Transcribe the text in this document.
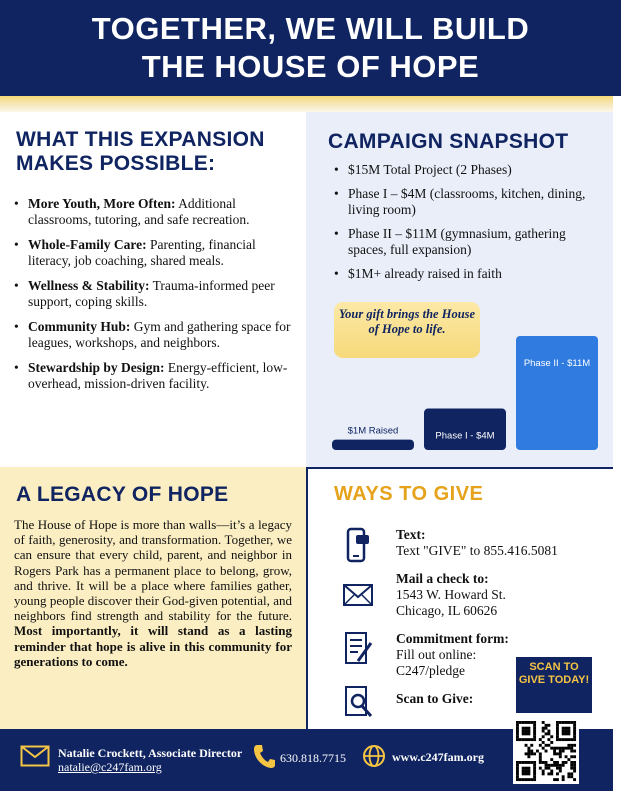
TOGETHER, WE WILL BUILD
THE HOUSE OF HOPE
WHAT THIS EXPANSION MAKES POSSIBLE:
• More Youth, More Often: Additional classrooms, tutoring, and safe recreation.
• Whole-Family Care: Parenting, financial literacy, job coaching, shared meals.
• Wellness & Stability: Trauma-informed peer support, coping skills.
• Community Hub: Gym and gathering space for leagues, workshops, and neighbors.
• Stewardship by Design: Energy-efficient, low-overhead, mission-driven facility.
CAMPAIGN SNAPSHOT
• $15M Total Project (2 Phases)
• Phase I – $4M (classrooms, kitchen, dining, living room)
• Phase II – $11M (gymnasium, gathering spaces, full expansion)
• $1M+ already raised in faith
$1M Raised	Phase I - $4M
Phase II - $11M
Your gift brings the House of Hope to life.
A LEGACY OF HOPE
The House of Hope is more than walls—it’s a legacy of faith, generosity, and transformation. Together, we can ensure that every child, parent, and neighbor in Rogers Park has a permanent place to belong, grow, and thrive. It will be a place where families gather, young people discover their God-given potential, and neighbors find strength and stability for the future. Most importantly, it will stand as a lasting reminder that hope is alive in this community for generations to come.
WAYS TO GIVE
Text:
Text "GIVE" to 855.416.5081
Mail a check to:
1543 W. Howard St.
Chicago, IL 60626
Commitment form:
Fill out online:
C247/pledge
Scan to Give:
SCAN TO GIVE TODAY!
Natalie Crockett, Associate Director
natalie@c247fam.org
630.818.7715	www.c247fam.org
